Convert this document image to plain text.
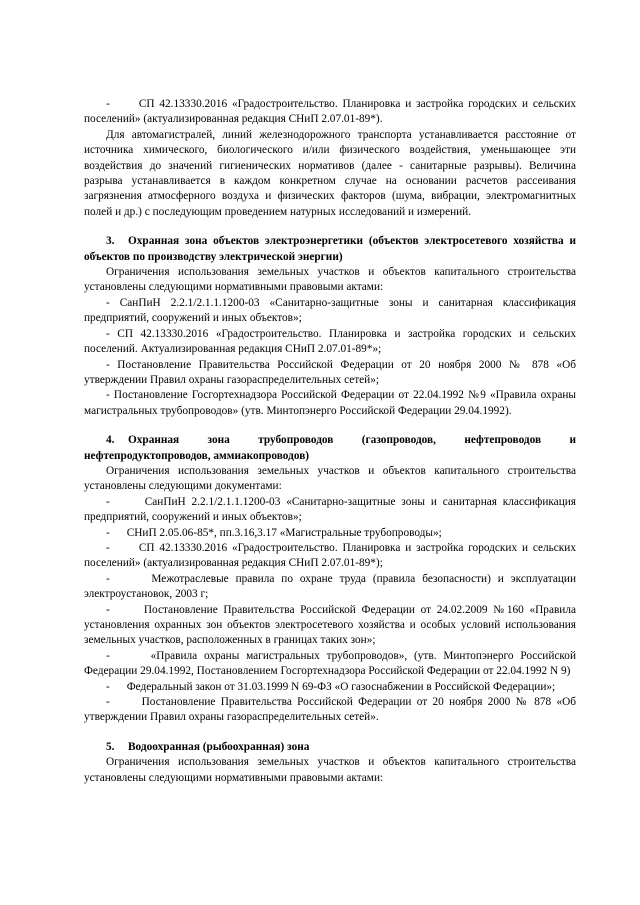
-      СП 42.13330.2016 «Градостроительство. Планировка и застройка городских и сельских поселений» (актуализированная редакция СНиП 2.07.01-89*).

Для автомагистралей, линий железнодорожного транспорта устанавливается расстояние от источника химического, биологического и/или физического воздействия, уменьшающее эти воздействия до значений гигиенических нормативов (далее - санитарные разрывы). Величина разрыва устанавливается в каждом конкретном случае на основании расчетов рассеивания загрязнения атмосферного воздуха и физических факторов (шума, вибрации, электромагнитных полей и др.) с последующим проведением натурных исследований и измерений.

3. Охранная зона объектов электроэнергетики (объектов электросетевого хозяйства и объектов по производству электрической энергии)

Ограничения использования земельных участков и объектов капитального строительства установлены следующими нормативными правовыми актами:

- СанПиН 2.2.1/2.1.1.1200-03 «Санитарно-защитные зоны и санитарная классификация предприятий, сооружений и иных объектов»;

- СП 42.13330.2016 «Градостроительство. Планировка и застройка городских и сельских поселений. Актуализированная редакция СНиП 2.07.01-89*»;

- Постановление Правительства Российской Федерации от 20 ноября 2000 № 878 «Об утверждении Правил охраны газораспределительных сетей»;

- Постановление Госгортехнадзора Российской Федерации от 22.04.1992 №9 «Правила охраны магистральных трубопроводов» (утв. Минтопэнерго Российской Федерации 29.04.1992).

4. Охранная зона трубопроводов (газопроводов, нефтепроводов и нефтепродуктопроводов, аммиакопроводов)

Ограничения использования земельных участков и объектов капитального строительства установлены следующими документами:

-      СанПиН 2.2.1/2.1.1.1200-03 «Санитарно-защитные зоны и санитарная классификация предприятий, сооружений и иных объектов»;

-      СНиП 2.05.06-85*, пп.3.16,3.17 «Магистральные трубопроводы»;

-      СП 42.13330.2016 «Градостроительство. Планировка и застройка городских и сельских поселений» (актуализированная редакция СНиП 2.07.01-89*);

-      Межотраслевые правила по охране труда (правила безопасности) и эксплуатации электроустановок, 2003 г;

-      Постановление Правительства Российской Федерации от 24.02.2009 №160 «Правила установления охранных зон объектов электросетевого хозяйства и особых условий использования земельных участков, расположенных в границах таких зон»;

-      «Правила охраны магистральных трубопроводов», (утв. Минтопэнерго Российской Федерации 29.04.1992, Постановлением Госгортехнадзора Российской Федерации от 22.04.1992 N 9)

-      Федеральный закон от 31.03.1999 N 69-ФЗ «О газоснабжении в Российской Федерации»;

-      Постановление Правительства Российской Федерации от 20 ноября 2000 № 878 «Об утверждении Правил охраны газораспределительных сетей».

5. Водоохранная (рыбоохранная) зона

Ограничения использования земельных участков и объектов капитального строительства установлены следующими нормативными правовыми актами:
